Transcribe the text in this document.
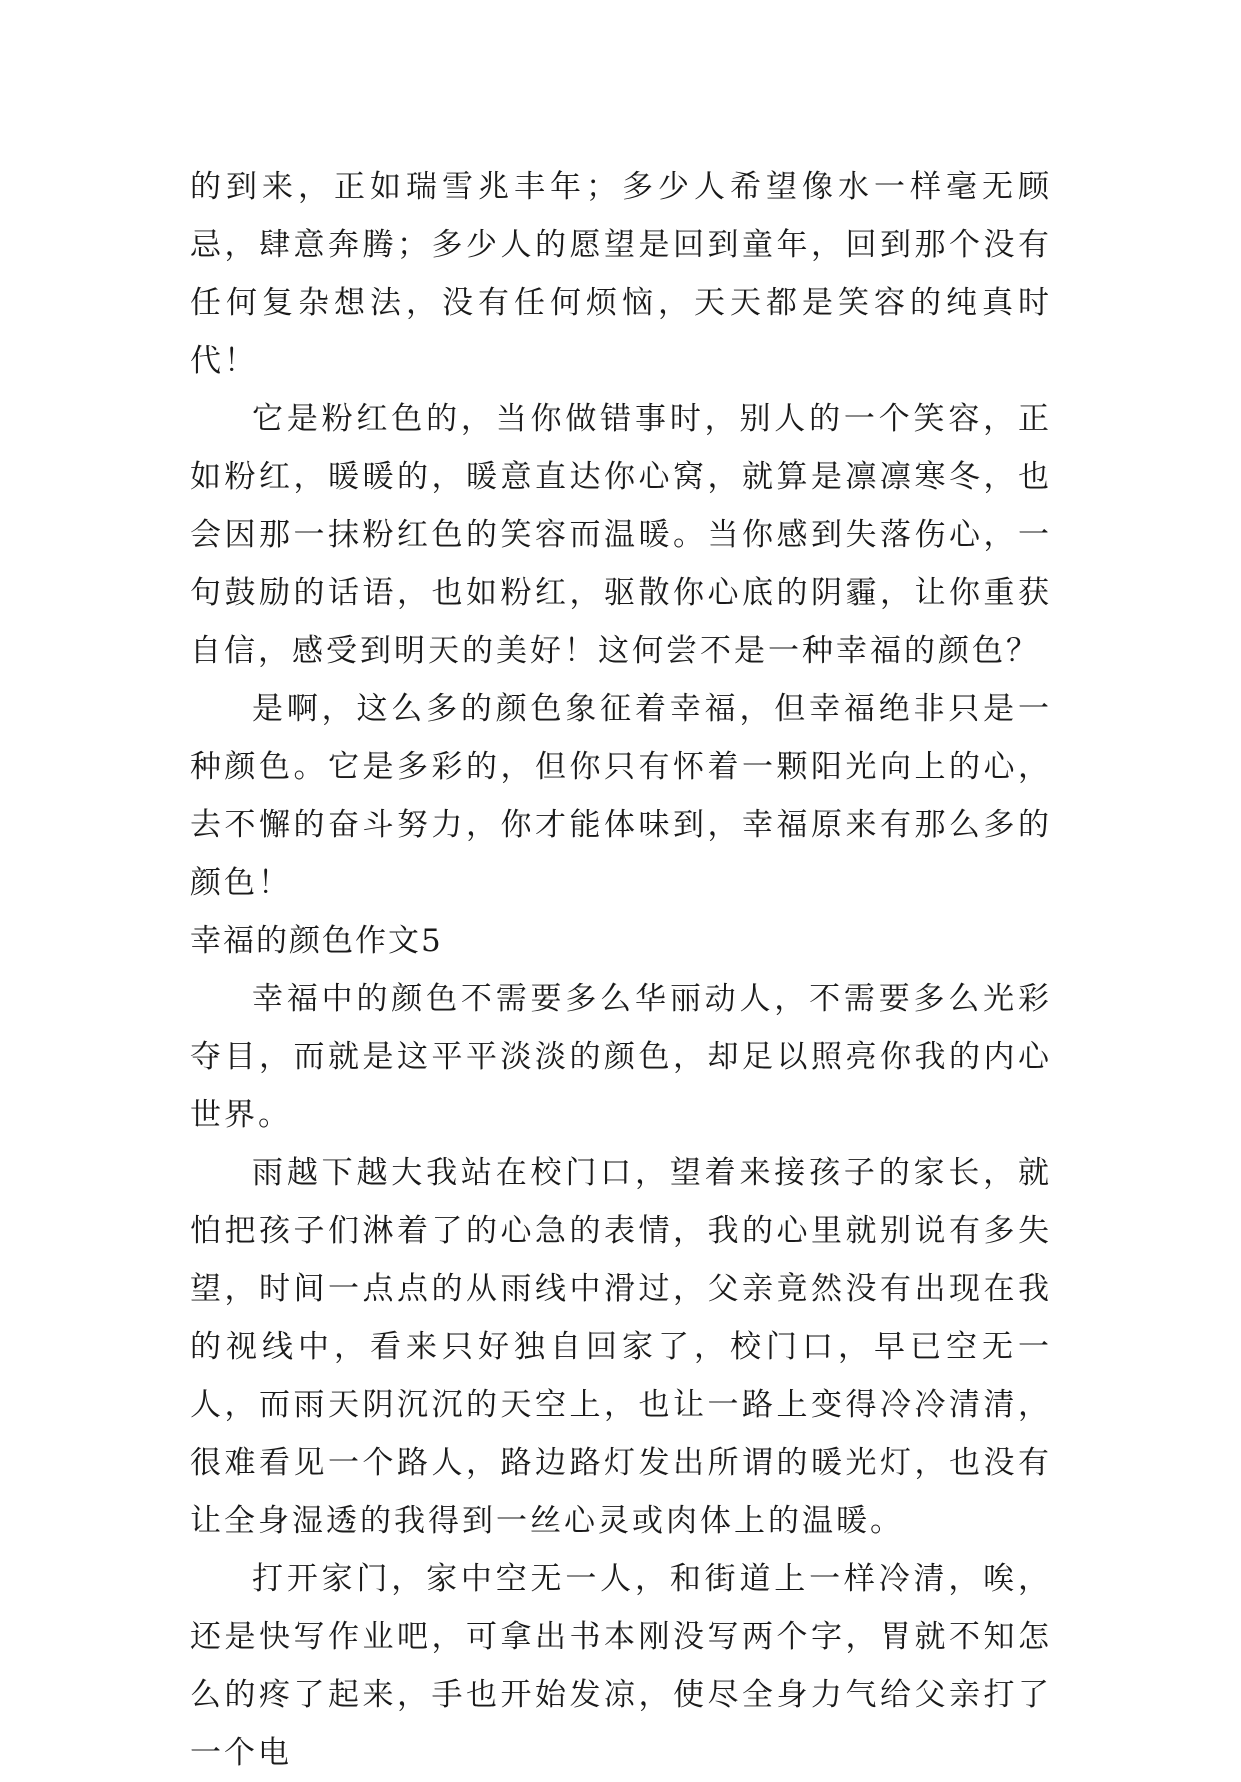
的到来，正如瑞雪兆丰年；多少人希望像水一样毫无顾忌，肆意奔腾；多少人的愿望是回到童年，回到那个没有任何复杂想法，没有任何烦恼，天天都是笑容的纯真时代！

它是粉红色的，当你做错事时，别人的一个笑容，正如粉红，暖暖的，暖意直达你心窝，就算是凛凛寒冬，也会因那一抹粉红色的笑容而温暖。当你感到失落伤心，一句鼓励的话语，也如粉红，驱散你心底的阴霾，让你重获自信，感受到明天的美好！这何尝不是一种幸福的颜色？

是啊，这么多的颜色象征着幸福，但幸福绝非只是一种颜色。它是多彩的，但你只有怀着一颗阳光向上的心，去不懈的奋斗努力，你才能体味到，幸福原来有那么多的颜色！

幸福的颜色作文5

幸福中的颜色不需要多么华丽动人，不需要多么光彩夺目，而就是这平平淡淡的颜色，却足以照亮你我的内心世界。

雨越下越大我站在校门口，望着来接孩子的家长，就怕把孩子们淋着了的心急的表情，我的心里就别说有多失望，时间一点点的从雨线中滑过，父亲竟然没有出现在我的视线中，看来只好独自回家了，校门口，早已空无一人，而雨天阴沉沉的天空上，也让一路上变得冷冷清清，很难看见一个路人，路边路灯发出所谓的暖光灯，也没有让全身湿透的我得到一丝心灵或肉体上的温暖。

打开家门，家中空无一人，和街道上一样冷清，唉，还是快写作业吧，可拿出书本刚没写两个字，胃就不知怎么的疼了起来，手也开始发凉，使尽全身力气给父亲打了一个电
